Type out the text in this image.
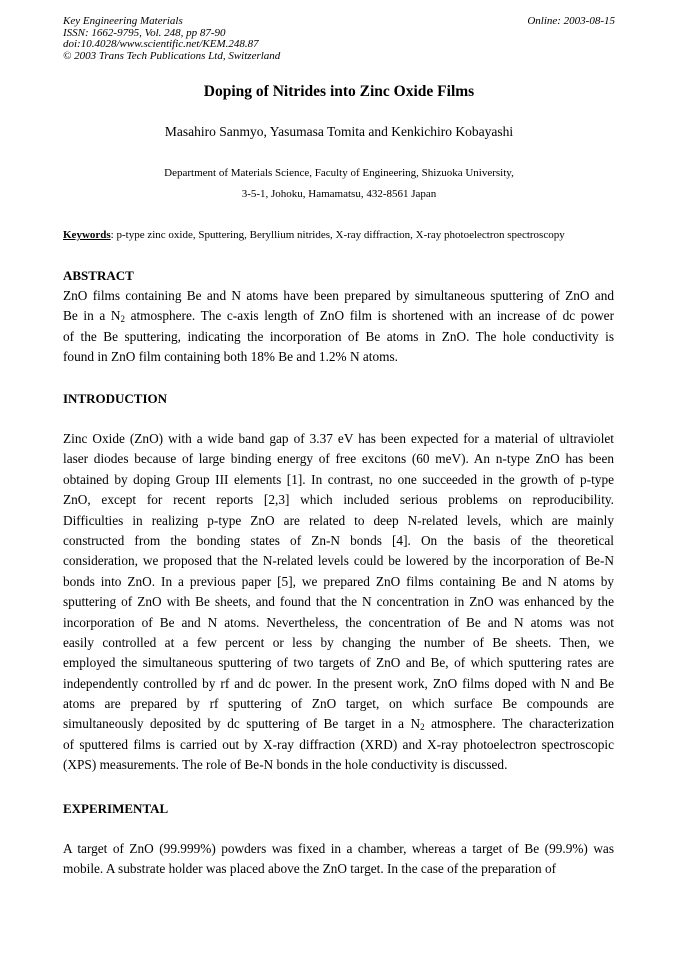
Key Engineering Materials
ISSN: 1662-9795, Vol. 248, pp 87-90
doi:10.4028/www.scientific.net/KEM.248.87
© 2003 Trans Tech Publications Ltd, Switzerland
Online: 2003-08-15
Doping of Nitrides into Zinc Oxide Films
Masahiro Sanmyo, Yasumasa Tomita and Kenkichiro Kobayashi
Department of Materials Science, Faculty of Engineering, Shizuoka University,
3-5-1, Johoku, Hamamatsu, 432-8561 Japan
Keywords: p-type zinc oxide, Sputtering, Beryllium nitrides, X-ray diffraction, X-ray photoelectron spectroscopy
ABSTRACT
ZnO films containing Be and N atoms have been prepared by simultaneous sputtering of ZnO and
Be in a $N_2$ atmosphere. The c-axis length of ZnO film is shortened with an increase of dc power
of the Be sputtering, indicating the incorporation of Be atoms in ZnO. The hole conductivity is
found in ZnO film containing both 18% Be and 1.2% N atoms.
INTRODUCTION
Zinc Oxide (ZnO) with a wide band gap of 3.37 eV has been expected for a material of ultraviolet
laser diodes because of large binding energy of free excitons (60 meV). An n-type ZnO has been
obtained by doping Group III elements [1]. In contrast, no one succeeded in the growth of p-type
ZnO, except for recent reports [2,3] which included serious problems on reproducibility.
Difficulties in realizing p-type ZnO are related to deep N-related levels, which are mainly
constructed from the bonding states of Zn-N bonds [4]. On the basis of the theoretical
consideration, we proposed that the N-related levels could be lowered by the incorporation of Be-N
bonds into ZnO. In a previous paper [5], we prepared ZnO films containing Be and N atoms by
sputtering of ZnO with Be sheets, and found that the N concentration in ZnO was enhanced by the
incorporation of Be and N atoms. Nevertheless, the concentration of Be and N atoms was not
easily controlled at a few percent or less by changing the number of Be sheets. Then, we
employed the simultaneous sputtering of two targets of ZnO and Be, of which sputtering rates are
independently controlled by rf and dc power. In the present work, ZnO films doped with N and Be
atoms are prepared by rf sputtering of ZnO target, on which surface Be compounds are
simultaneously deposited by dc sputtering of Be target in a $N_2$ atmosphere. The characterization
of sputtered films is carried out by X-ray diffraction (XRD) and X-ray photoelectron spectroscopic
(XPS) measurements. The role of Be-N bonds in the hole conductivity is discussed.
EXPERIMENTAL
A target of ZnO (99.999%) powders was fixed in a chamber, whereas a target of Be (99.9%) was
mobile. A substrate holder was placed above the ZnO target. In the case of the preparation of
